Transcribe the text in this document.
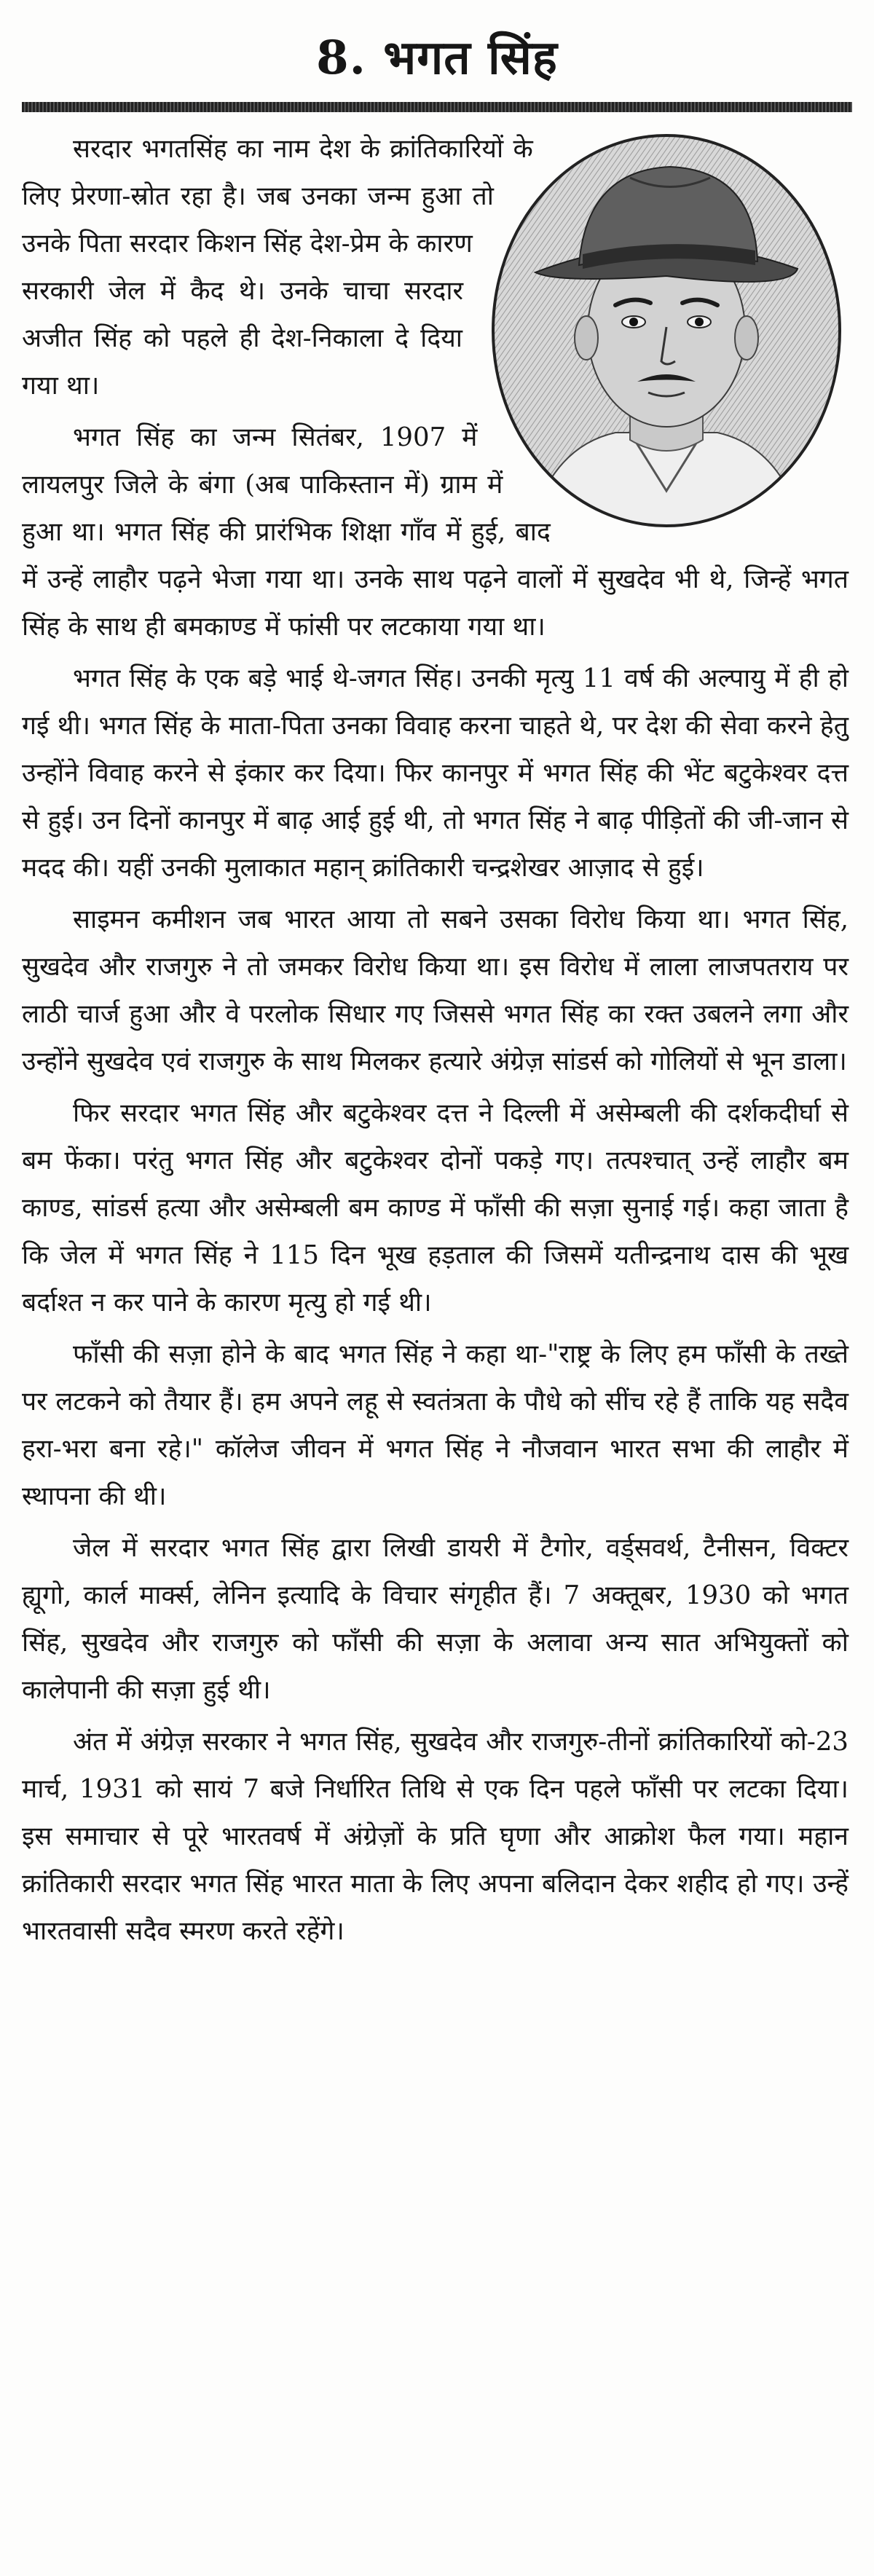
8. भगत सिंह

सरदार भगतसिंह का नाम देश के क्रांतिकारियों के लिए प्रेरणा-स्रोत रहा है। जब उनका जन्म हुआ तो उनके पिता सरदार किशन सिंह देश-प्रेम के कारण सरकारी जेल में कैद थे। उनके चाचा सरदार अजीत सिंह को पहले ही देश-निकाला दे दिया गया था।

भगत सिंह का जन्म सितंबर, 1907 में लायलपुर जिले के बंगा (अब पाकिस्तान में) ग्राम में हुआ था। भगत सिंह की प्रारंभिक शिक्षा गाँव में हुई, बाद में उन्हें लाहौर पढ़ने भेजा गया था। उनके साथ पढ़ने वालों में सुखदेव भी थे, जिन्हें भगत सिंह के साथ ही बमकाण्ड में फांसी पर लटकाया गया था।

भगत सिंह के एक बड़े भाई थे-जगत सिंह। उनकी मृत्यु 11 वर्ष की अल्पायु में ही हो गई थी। भगत सिंह के माता-पिता उनका विवाह करना चाहते थे, पर देश की सेवा करने हेतु उन्होंने विवाह करने से इंकार कर दिया। फिर कानपुर में भगत सिंह की भेंट बटुकेश्वर दत्त से हुई। उन दिनों कानपुर में बाढ़ आई हुई थी, तो भगत सिंह ने बाढ़ पीड़ितों की जी-जान से मदद की। यहीं उनकी मुलाकात महान् क्रांतिकारी चन्द्रशेखर आज़ाद से हुई।

साइमन कमीशन जब भारत आया तो सबने उसका विरोध किया था। भगत सिंह, सुखदेव और राजगुरु ने तो जमकर विरोध किया था। इस विरोध में लाला लाजपतराय पर लाठी चार्ज हुआ और वे परलोक सिधार गए जिससे भगत सिंह का रक्त उबलने लगा और उन्होंने सुखदेव एवं राजगुरु के साथ मिलकर हत्यारे अंग्रेज़ सांडर्स को गोलियों से भून डाला।

फिर सरदार भगत सिंह और बटुकेश्वर दत्त ने दिल्ली में असेम्बली की दर्शकदीर्घा से बम फेंका। परंतु भगत सिंह और बटुकेश्वर दोनों पकड़े गए। तत्पश्चात् उन्हें लाहौर बम काण्ड, सांडर्स हत्या और असेम्बली बम काण्ड में फाँसी की सज़ा सुनाई गई। कहा जाता है कि जेल में भगत सिंह ने 115 दिन भूख हड़ताल की जिसमें यतीन्द्रनाथ दास की भूख बर्दाश्त न कर पाने के कारण मृत्यु हो गई थी।

फाँसी की सज़ा होने के बाद भगत सिंह ने कहा था-"राष्ट्र के लिए हम फाँसी के तख्ते पर लटकने को तैयार हैं। हम अपने लहू से स्वतंत्रता के पौधे को सींच रहे हैं ताकि यह सदैव हरा-भरा बना रहे।" कॉलेज जीवन में भगत सिंह ने नौजवान भारत सभा की लाहौर में स्थापना की थी।

जेल में सरदार भगत सिंह द्वारा लिखी डायरी में टैगोर, वर्ड्सवर्थ, टैनीसन, विक्टर ह्यूगो, कार्ल मार्क्स, लेनिन इत्यादि के विचार संगृहीत हैं। 7 अक्तूबर, 1930 को भगत सिंह, सुखदेव और राजगुरु को फाँसी की सज़ा के अलावा अन्य सात अभियुक्तों को कालेपानी की सज़ा हुई थी।

अंत में अंग्रेज़ सरकार ने भगत सिंह, सुखदेव और राजगुरु-तीनों क्रांतिकारियों को-23 मार्च, 1931 को सायं 7 बजे निर्धारित तिथि से एक दिन पहले फाँसी पर लटका दिया। इस समाचार से पूरे भारतवर्ष में अंग्रेज़ों के प्रति घृणा और आक्रोश फैल गया। महान क्रांतिकारी सरदार भगत सिंह भारत माता के लिए अपना बलिदान देकर शहीद हो गए। उन्हें भारतवासी सदैव स्मरण करते रहेंगे।
